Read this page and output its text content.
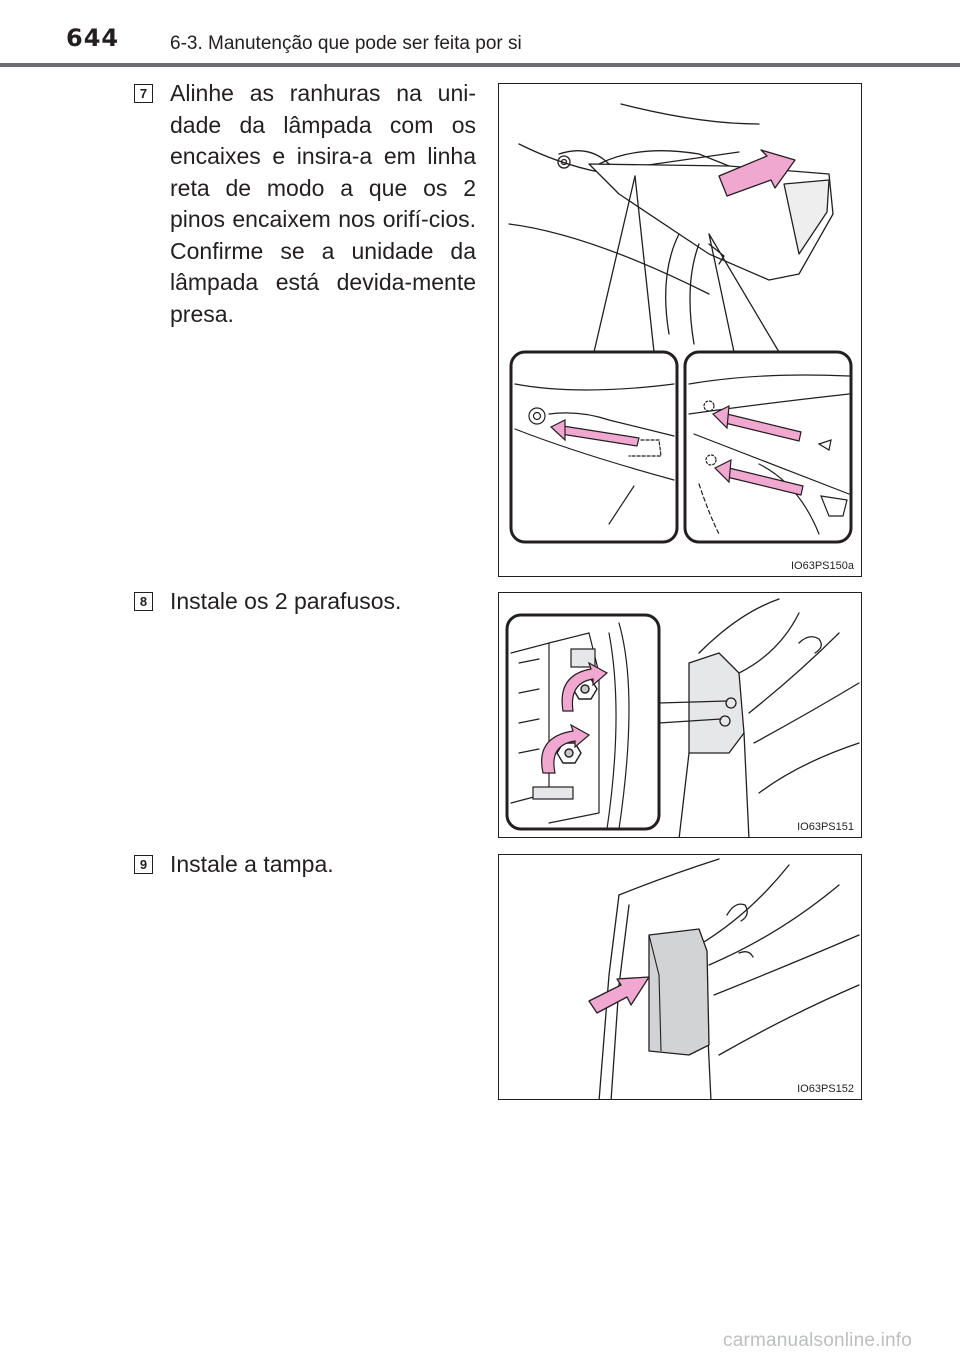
644	6-3. Manutenção que pode ser feita por si
7 Alinhe as ranhuras na uni-dade da lâmpada com os encaixes e insira-a em linha reta de modo a que os 2 pinos encaixem nos orifí-cios. Confirme se a unidade da lâmpada está devida-mente presa.
IO63PS150a
8 Instale os 2 parafusos.
IO63PS151
9 Instale a tampa.
IO63PS152
carmanualsonline.info
